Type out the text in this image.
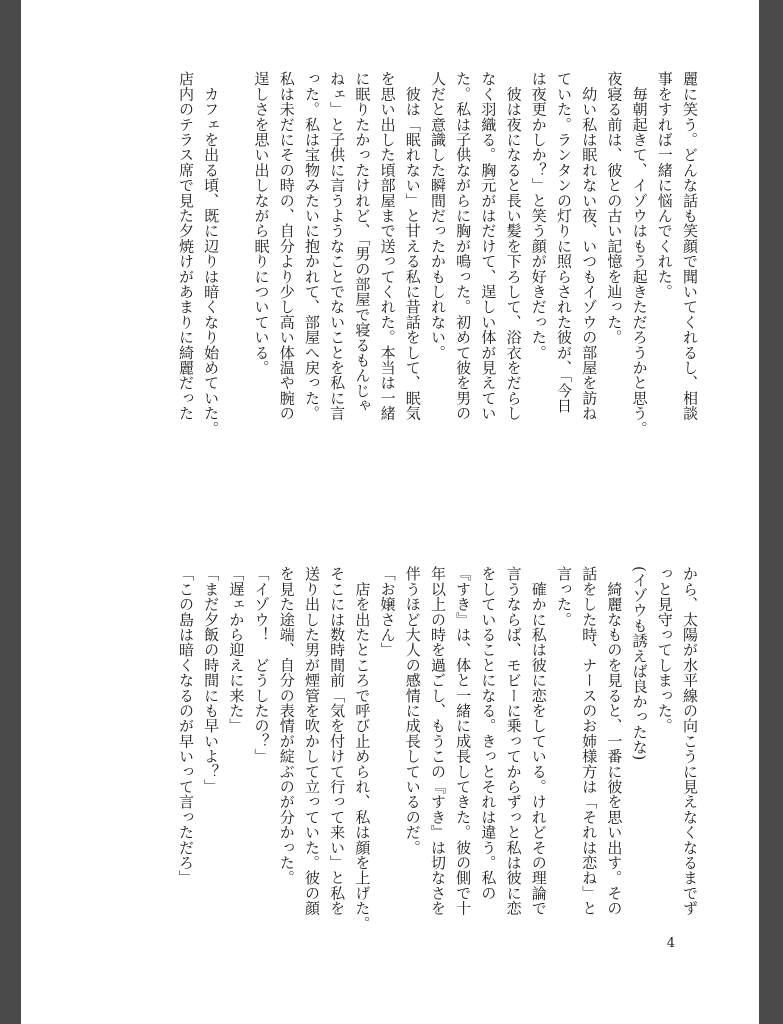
麗に笑う。どんな話も笑顔で聞いてくれるし、相談
事をすれば一緒に悩んでくれた。
　毎朝起きて、イゾウはもう起きただろうかと思う。
夜寝る前は、彼との古い記憶を辿った。
　幼い私は眠れない夜、いつもイゾウの部屋を訪ね
ていた。ランタンの灯りに照らされた彼が、「今日
は夜更かしか？」と笑う顔が好きだった。
　彼は夜になると長い髪を下ろして、浴衣をだらし
なく羽織る。胸元がはだけて、逞しい体が見えてい
た。私は子供ながらに胸が鳴った。初めて彼を男の
人だと意識した瞬間だったかもしれない。
　彼は「眠れない」と甘える私に昔話をして、眠気
を思い出した頃部屋まで送ってくれた。本当は一緒
に眠りたかったけれど、「男の部屋で寝るもんじゃ
ねェ」と子供に言うようなことでないことを私に言
った。私は宝物みたいに抱かれて、部屋へ戻った。
私は未だにその時の、自分より少し高い体温や腕の
逞しさを思い出しながら眠りについている。

　カフェを出る頃、既に辺りは暗くなり始めていた。
店内のテラス席で見た夕焼けがあまりに綺麗だった
から、太陽が水平線の向こうに見えなくなるまでず
っと見守ってしまった。
(イゾウも誘えば良かったな)
　綺麗なものを見ると、一番に彼を思い出す。その
話をした時、ナースのお姉様方は「それは恋ね」と
言った。
　確かに私は彼に恋をしている。けれどその理論で
言うならば、モビーに乗ってからずっと私は彼に恋
をしていることになる。きっとそれは違う。私の
『すき』は、体と一緒に成長してきた。彼の側で十
年以上の時を過ごし、もうこの『すき』は切なさを
伴うほど大人の感情に成長しているのだ。
「お嬢さん」
　店を出たところで呼び止められ、私は顔を上げた。
そこには数時間前「気を付けて行って来い」と私を
送り出した男が煙管を吹かして立っていた。彼の顔
を見た途端、自分の表情が綻ぶのが分かった。
「イゾウ！　どうしたの？」
「遅ェから迎えに来た」
「まだ夕飯の時間にも早いよ？」
「この島は暗くなるのが早いって言っただろ」
4
